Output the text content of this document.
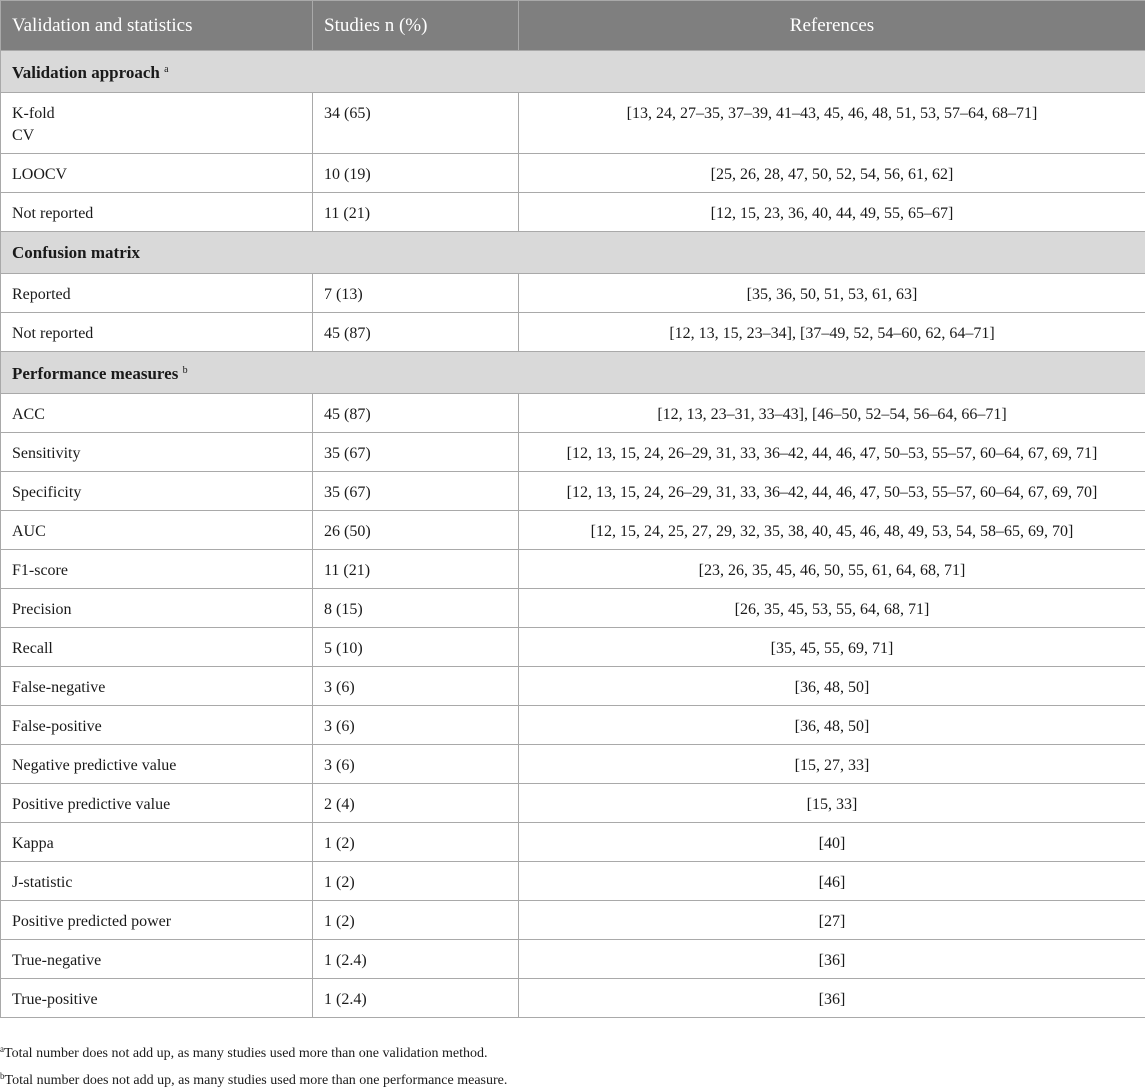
Validation and statistics	Studies n (%)	References
Validation approach $^a$
K-fold
CV	34 (65)	[13, 24, 27–35, 37–39, 41–43, 45, 46, 48, 51, 53, 57–64, 68–71]
LOOCV	10 (19)	[25, 26, 28, 47, 50, 52, 54, 56, 61, 62]
Not reported	11 (21)	[12, 15, 23, 36, 40, 44, 49, 55, 65–67]
Confusion matrix		
Reported	7 (13)	[35, 36, 50, 51, 53, 61, 63]
Not reported	45 (87)	[12, 13, 15, 23–34], [37–49, 52, 54–60, 62, 64–71]
Performance measures $^b$
ACC	45 (87)	[12, 13, 23–31, 33–43], [46–50, 52–54, 56–64, 66–71]
Sensitivity	35 (67)	[12, 13, 15, 24, 26–29, 31, 33, 36–42, 44, 46, 47, 50–53, 55–57, 60–64, 67, 69, 71]
Specificity	35 (67)	[12, 13, 15, 24, 26–29, 31, 33, 36–42, 44, 46, 47, 50–53, 55–57, 60–64, 67, 69, 70]
AUC	26 (50)	[12, 15, 24, 25, 27, 29, 32, 35, 38, 40, 45, 46, 48, 49, 53, 54, 58–65, 69, 70]
F1-score	11 (21)	[23, 26, 35, 45, 46, 50, 55, 61, 64, 68, 71]
Precision	8 (15)	[26, 35, 45, 53, 55, 64, 68, 71]
Recall	5 (10)	[35, 45, 55, 69, 71]
False-negative	3 (6)	[36, 48, 50]
False-positive	3 (6)	[36, 48, 50]
Negative predictive value	3 (6)	[15, 27, 33]
Positive predictive value	2 (4)	[15, 33]
Kappa	1 (2)	[40]
J-statistic	1 (2)	[46]
Positive predicted power	1 (2)	[27]
True-negative	1 (2.4)	[36]
True-positive	1 (2.4)	[36]
$^a$Total number does not add up, as many studies used more than one validation method.
$^b$Total number does not add up, as many studies used more than one performance measure.
